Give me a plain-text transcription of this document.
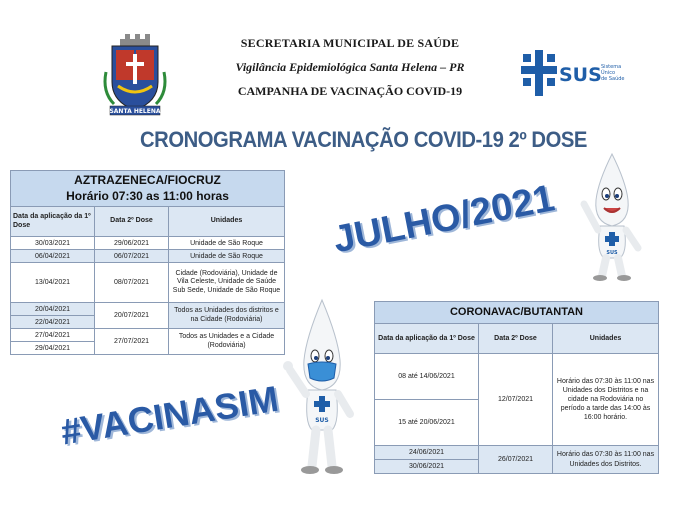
SANTA HELENA
SECRETARIA MUNICIPAL DE SAÚDE
Vigilância Epidemiológica Santa Helena – PR
CAMPANHA DE VACINAÇÃO COVID-19
SUS Sistema
Único
de Saúde
CRONOGRAMA VACINAÇÃO COVID-19 2º DOSE
AZTRAZENECA/FIOCRUZ		
Horário 07:30 as 11:00 horas		
Data da aplicação da 1º Dose	Data 2º Dose	Unidades
30/03/2021	29/06/2021	Unidade de São Roque
06/04/2021	06/07/2021	Unidade de São Roque
13/04/2021	08/07/2021	Cidade (Rodoviária), Unidade de Vila Celeste, Unidade de Saúde Sub Sede, Unidade de São Roque
20/04/2021	20/07/2021	Todos as Unidades dos distritos e na Cidade (Rodoviária)
22/04/2021		
27/04/2021	27/07/2021	Todos as Unidades e a Cidade (Rodoviária)
29/04/2021		
SUS
JULHO/2021
SUS
CORONAVAC/BUTANTAN		
Data da aplicação da 1º Dose	Data 2º Dose	Unidades
08 até 14/06/2021	12/07/2021	Horário das 07:30 às 11:00 nas Unidades dos Distritos e na cidade na Rodoviária no período a tarde das 14:00 às 16:00 horário.
15 até 20/06/2021		
24/06/2021	26/07/2021	Horário das 07:30 às 11:00 nas Unidades dos Distritos.
30/06/2021		
#VACINASIM
